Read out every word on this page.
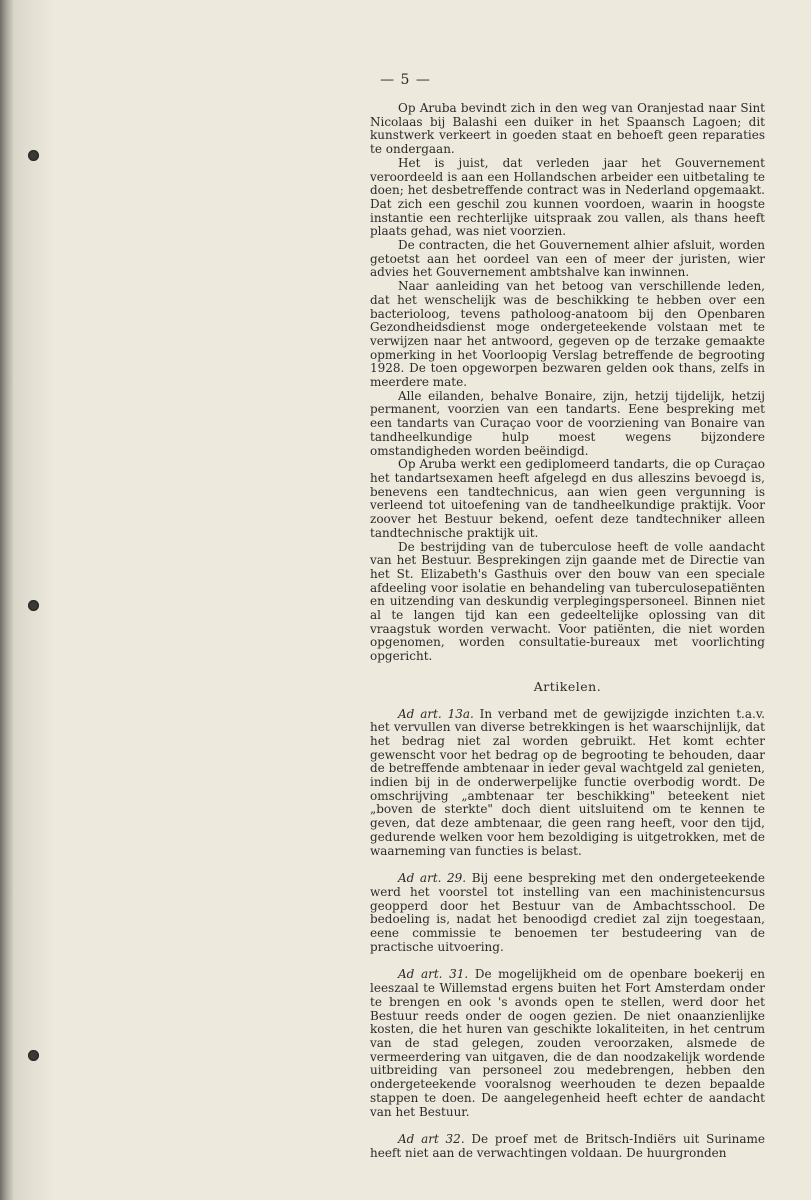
— 5 —

Op Aruba bevindt zich in den weg van Oranjestad naar Sint Nicolaas bij Balashi een duiker in het Spaansch Lagoen; dit kunstwerk verkeert in goeden staat en behoeft geen reparaties te ondergaan.

Het is juist, dat verleden jaar het Gouvernement veroordeeld is aan een Hollandschen arbeider een uitbetaling te doen; het desbetreffende contract was in Nederland opgemaakt. Dat zich een geschil zou kunnen voordoen, waarin in hoogste instantie een rechterlijke uitspraak zou vallen, als thans heeft plaats gehad, was niet voorzien.

De contracten, die het Gouvernement alhier afsluit, worden getoetst aan het oordeel van een of meer der juristen, wier advies het Gouvernement ambtshalve kan inwinnen.

Naar aanleiding van het betoog van verschillende leden, dat het wenschelijk was de beschikking te hebben over een bacterioloog, tevens patholoog-anatoom bij den Openbaren Gezondheidsdienst moge ondergeteekende volstaan met te verwijzen naar het antwoord, gegeven op de terzake gemaakte opmerking in het Voorloopig Verslag betreffende de begrooting 1928. De toen opgeworpen bezwaren gelden ook thans, zelfs in meerdere mate.

Alle eilanden, behalve Bonaire, zijn, hetzij tijdelijk, hetzij permanent, voorzien van een tandarts. Eene bespreking met een tandarts van Curaçao voor de voorziening van Bonaire van tandheelkundige hulp moest wegens bijzondere omstandigheden worden beëindigd.

Op Aruba werkt een gediplomeerd tandarts, die op Curaçao het tandartsexamen heeft afgelegd en dus alleszins bevoegd is, benevens een tandtechnicus, aan wien geen vergunning is verleend tot uitoefening van de tandheelkundige praktijk. Voor zoover het Bestuur bekend, oefent deze tandtechniker alleen tandtechnische praktijk uit.

De bestrijding van de tuberculose heeft de volle aandacht van het Bestuur. Besprekingen zijn gaande met de Directie van het St. Elizabeth's Gasthuis over den bouw van een speciale afdeeling voor isolatie en behandeling van tuberculosepatiënten en uitzending van deskundig verplegingspersoneel. Binnen niet al te langen tijd kan een gedeeltelijke oplossing van dit vraagstuk worden verwacht. Voor patiënten, die niet worden opgenomen, worden consultatie-bureaux met voorlichting opgericht.

Artikelen.

Ad art. 13a. In verband met de gewijzigde inzichten t.a.v. het vervullen van diverse betrekkingen is het waarschijnlijk, dat het bedrag niet zal worden gebruikt. Het komt echter gewenscht voor het bedrag op de begrooting te behouden, daar de betreffende ambtenaar in ieder geval wachtgeld zal genieten, indien bij in de onderwerpelijke functie overbodig wordt. De omschrijving „ambtenaar ter beschikking" beteekent niet „boven de sterkte" doch dient uitsluitend om te kennen te geven, dat deze ambtenaar, die geen rang heeft, voor den tijd, gedurende welken voor hem bezoldiging is uitgetrokken, met de waarneming van functies is belast.

Ad art. 29. Bij eene bespreking met den ondergeteekende werd het voorstel tot instelling van een machinistencursus geopperd door het Bestuur van de Ambachtsschool. De bedoeling is, nadat het benoodigd crediet zal zijn toegestaan, eene commissie te benoemen ter bestudeering van de practische uitvoering.

Ad art. 31. De mogelijkheid om de openbare boekerij en leeszaal te Willemstad ergens buiten het Fort Amsterdam onder te brengen en ook 's avonds open te stellen, werd door het Bestuur reeds onder de oogen gezien. De niet onaanzienlijke kosten, die het huren van geschikte lokaliteiten, in het centrum van de stad gelegen, zouden veroorzaken, alsmede de vermeerdering van uitgaven, die de dan noodzakelijk wordende uitbreiding van personeel zou medebrengen, hebben den ondergeteekende vooralsnog weerhouden te dezen bepaalde stappen te doen. De aangelegenheid heeft echter de aandacht van het Bestuur.

Ad art 32. De proef met de Britsch-Indiërs uit Suriname heeft niet aan de verwachtingen voldaan. De huurgronden
